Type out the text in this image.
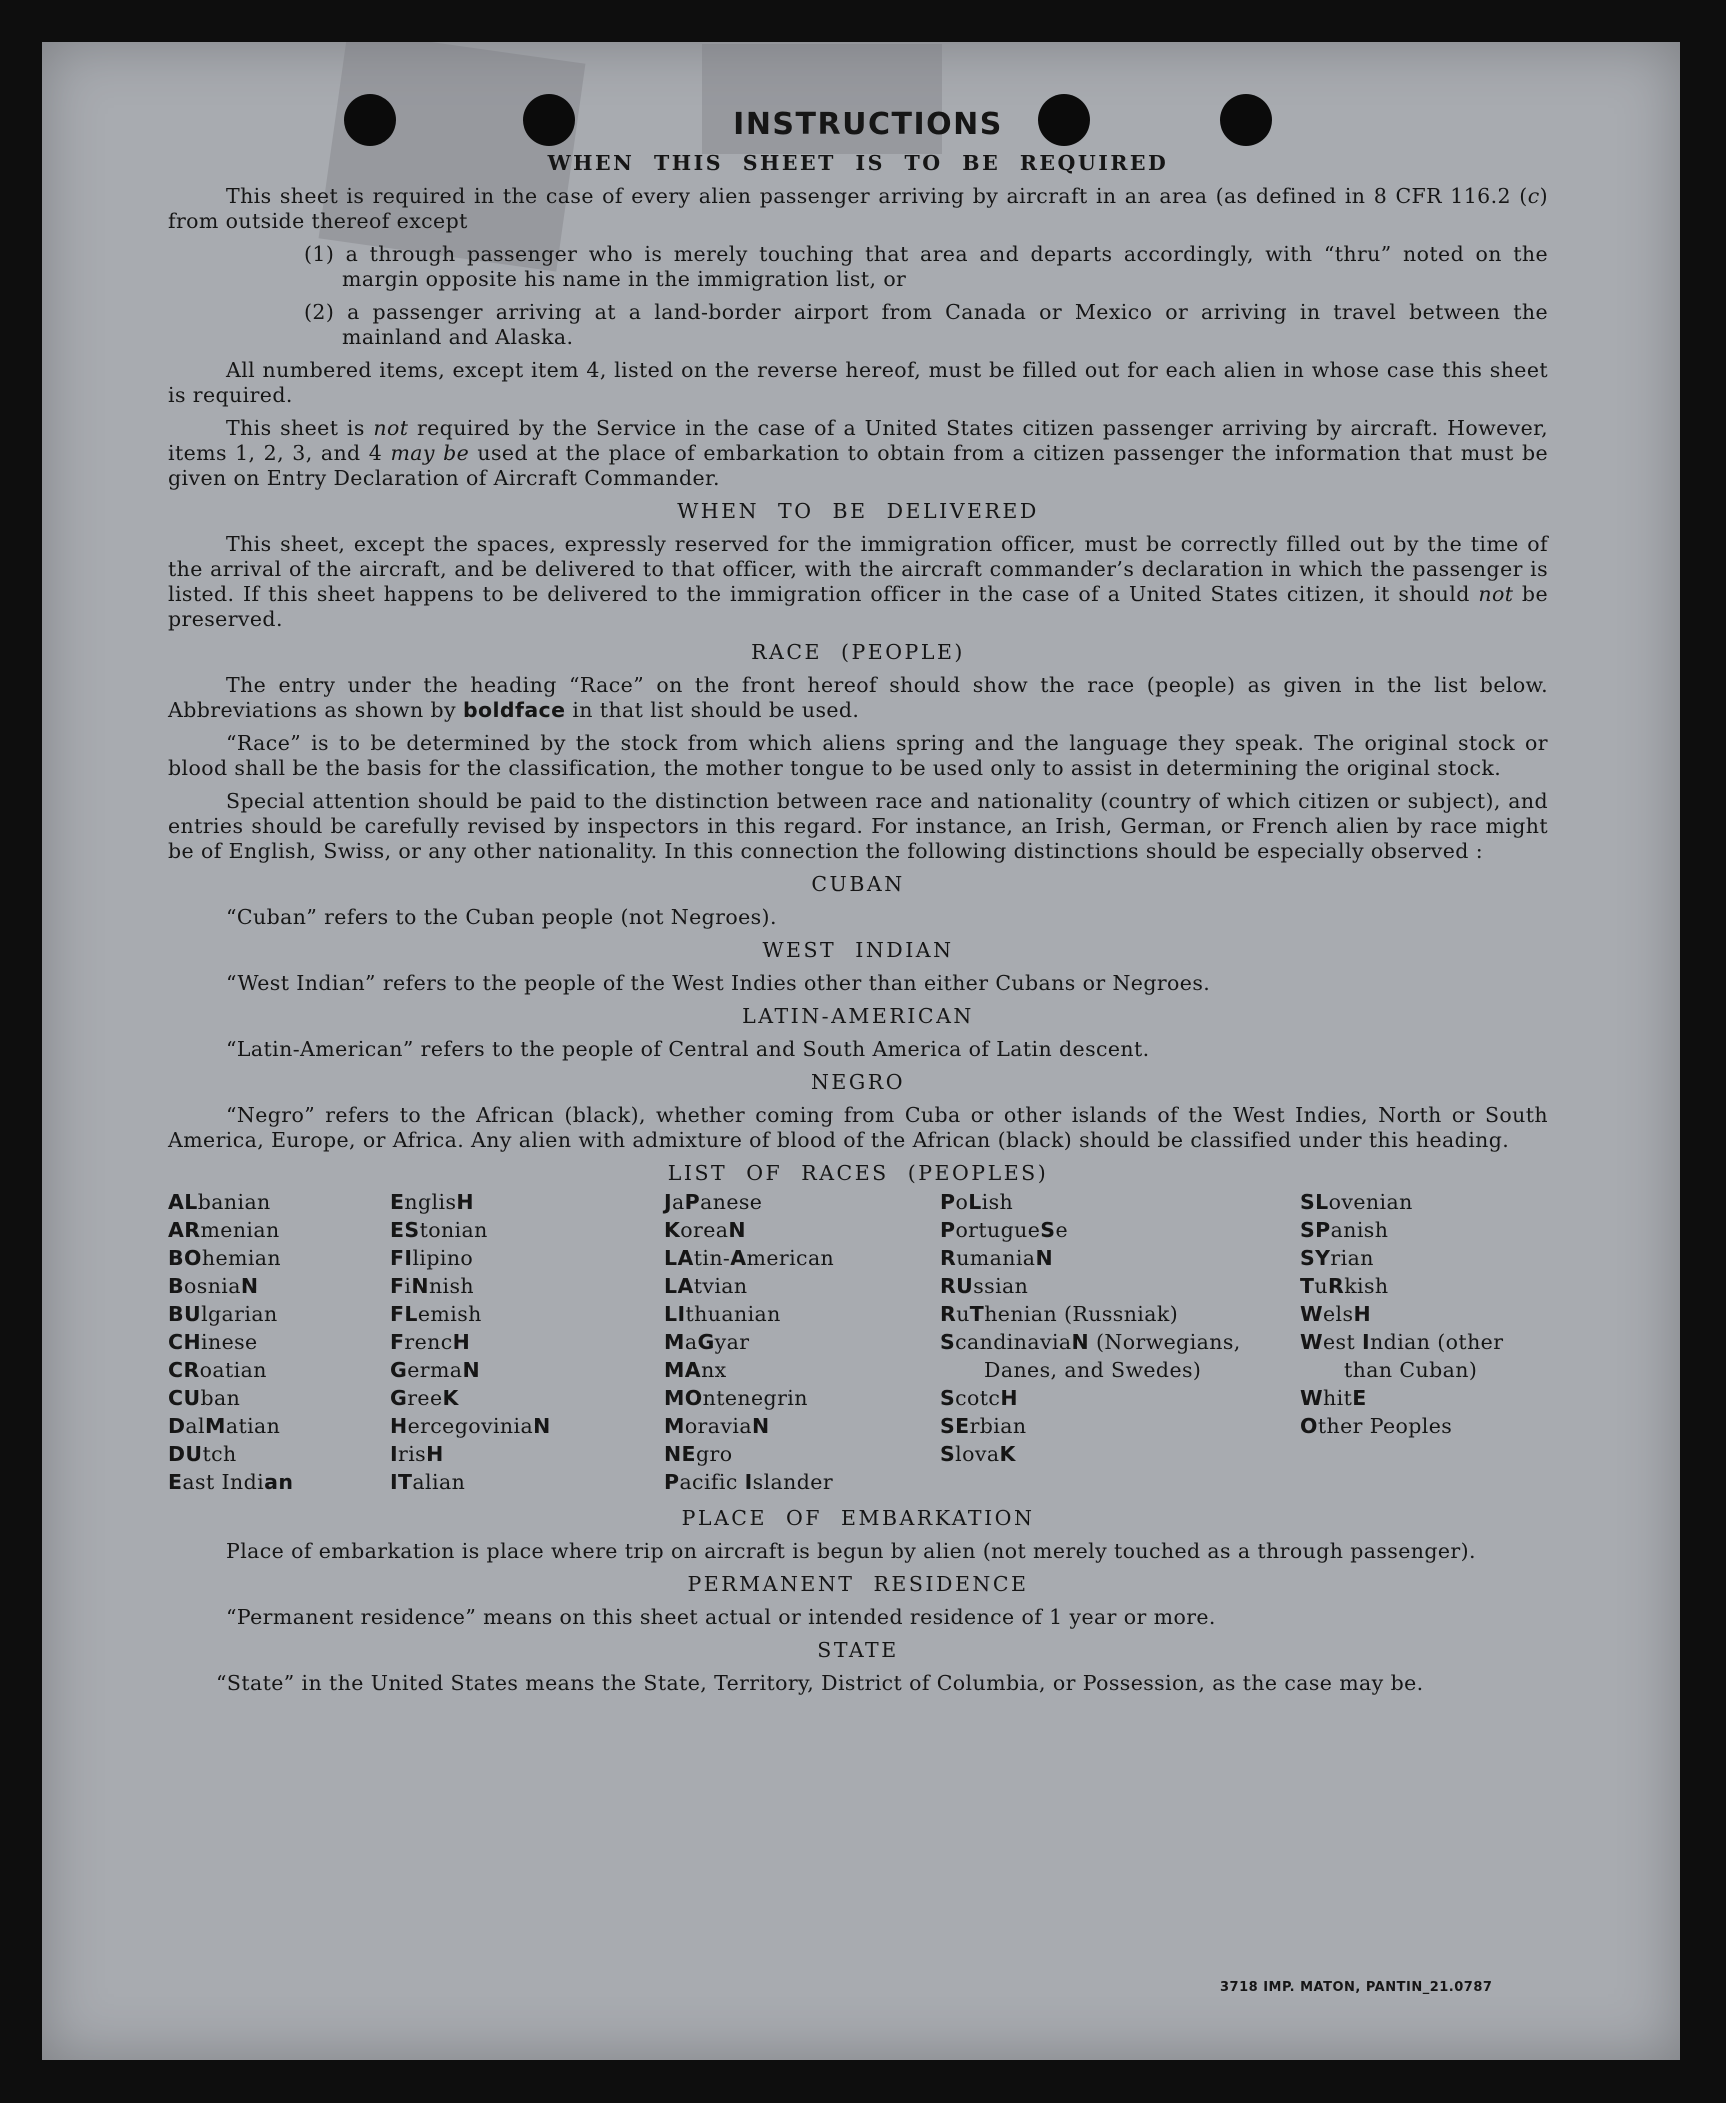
INSTRUCTIONS
WHEN THIS SHEET IS TO BE REQUIRED

This sheet is required in the case of every alien passenger arriving by aircraft in an area (as defined in 8 CFR 116.2 (c) from outside thereof except

(1) a through passenger who is merely touching that area and departs accordingly, with “thru” noted on the margin opposite his name in the immigration list, or
(2) a passenger arriving at a land-border airport from Canada or Mexico or arriving in travel between the mainland and Alaska.

All numbered items, except item 4, listed on the reverse hereof, must be filled out for each alien in whose case this sheet is required.

This sheet is not required by the Service in the case of a United States citizen passenger arriving by aircraft. However, items 1, 2, 3, and 4 may be used at the place of embarkation to obtain from a citizen passenger the information that must be given on Entry Declaration of Aircraft Commander.

WHEN TO BE DELIVERED

This sheet, except the spaces, expressly reserved for the immigration officer, must be correctly filled out by the time of the arrival of the aircraft, and be delivered to that officer, with the aircraft commander’s declaration in which the passenger is listed. If this sheet happens to be delivered to the immigration officer in the case of a United States citizen, it should not be preserved.

RACE (PEOPLE)

The entry under the heading “Race” on the front hereof should show the race (people) as given in the list below. Abbreviations as shown by boldface in that list should be used.

“Race” is to be determined by the stock from which aliens spring and the language they speak. The original stock or blood shall be the basis for the classification, the mother tongue to be used only to assist in determining the original stock.

Special attention should be paid to the distinction between race and nationality (country of which citizen or subject), and entries should be carefully revised by inspectors in this regard. For instance, an Irish, German, or French alien by race might be of English, Swiss, or any other nationality. In this connection the following distinctions should be especially observed :

CUBAN

“Cuban” refers to the Cuban people (not Negroes).

WEST INDIAN

“West Indian” refers to the people of the West Indies other than either Cubans or Negroes.

LATIN-AMERICAN

“Latin-American” refers to the people of Central and South America of Latin descent.

NEGRO

“Negro” refers to the African (black), whether coming from Cuba or other islands of the West Indies, North or South America, Europe, or Africa. Any alien with admixture of blood of the African (black) should be classified under this heading.

LIST OF RACES (PEOPLES)
ALbanian
ARmenian
BOhemian
BosniaN
BUlgarian
CHinese
CRoatian
CUban
DalMatian
DUtch
East Indian
EnglisH
EStonian
FIlipino
FiNnish
FLemish
FrencH
GermaN
GreeK
HercegoviniaN
IrisH
ITalian
JaPanese
KoreaN
LAtin-American
LAtvian
LIthuanian
MaGyar
MAnx
MOntenegrin
MoraviaN
NEgro
Pacific Islander
PoLish
PortugueSe
RumaniaN
RUssian
RuThenian (Russniak)
ScandinaviaN (Norwegians, Danes, and Swedes)
ScotcH
SErbian
SlovaK
SLovenian
SPanish
SYrian
TuRkish
WelsH
West Indian (other than Cuban)
WhitE
Other Peoples
PLACE OF EMBARKATION

Place of embarkation is place where trip on aircraft is begun by alien (not merely touched as a through passenger).

PERMANENT RESIDENCE

“Permanent residence” means on this sheet actual or intended residence of 1 year or more.

STATE

“State” in the United States means the State, Territory, District of Columbia, or Possession, as the case may be.

3718 IMP. MATON, PANTIN_21.0787
